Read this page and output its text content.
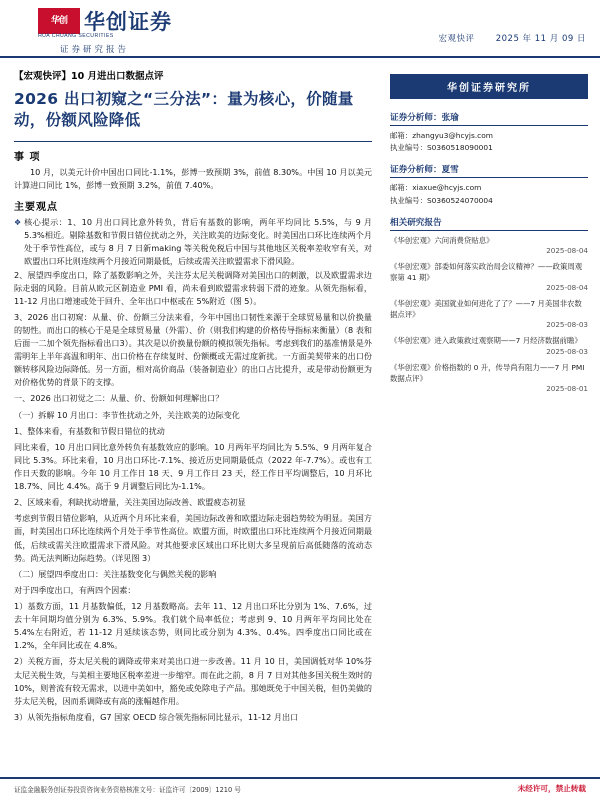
华创 华创证券
HUA CHUANG SECURITIES
证券研究报告
宏观快评 2025 年 11 月 09 日
【宏观快评】10 月进出口数据点评
2026 出口初窥之“三分法”：量为核心，价随量动，份额风险降低
事 项

10 月，以美元计价中国出口同比-1.1%，彭博一致预期 3%，前值 8.30%。中国 10 月以美元计算进口同比 1%，彭博一致预期 3.2%，前值 7.40%。

主要观点
❖ 核心提示：1、10 月出口同比意外转负，背后有基数的影响，两年平均同比 5.5%，与 9 月 5.3%相近。剔除基数和节假日错位扰动之外，关注欧美的边际变化。时美国出口环比连续两个月处于季节性高位，或与 8 月 7 日新making 等关税免税后中国与其他地区关税率差收窄有关，对欧盟出口环比则连续两个月接近同期最低，后续或需关注欧盟需求下滑风险。

2、展望四季度出口，除了基数影响之外，关注芬太尼关税调降对美国出口的刺激，以及欧盟需求边际走弱的风险。目前从欧元区制造业 PMI 看，尚未看到欧盟需求转弱下滑的迹象。从领先指标看，11-12 月出口增速或处于回升、全年出口中枢或在 5%附近（图 5）。

3、2026 出口初窥：从量、价、份额三分法来看，今年中国出口韧性来源于全球贸易量和以价换量的韧性。而出口的核心于是是全球贸易量（外需）、价（则我们构建的价格传导指标来衡量）（8 表和后面一二加个领先指标看出口3）。其次是以价换量份额的模拟领先指标。考虑到我们的基准情景是外需明年上半年高温和明年、出口价格在存续复时、份额概或无需过度新扰。一方面美契带来的出口份额转移风险边际降低。另一方面，相对高价商品（装备制造业）的出口占比提升，或是带动份额更为对价格优势的背景下的支撑。

一、2026 出口初觉之二：从量、价、份额如何理解出口？

（一）拆解 10 月出口：李节性扰动之外，关注欧美的边际变化

1、整体来看，有基数和节假日错位的扰动

同比来看，10 月出口同比意外转负有基数效应的影响。10 月两年平均同比为 5.5%、9 月两年复合同比 5.3%。环比来看，10 月出口环比-7.1%、接近历史同期最低点（2022 年-7.7%）。或也有工作日天数的影响。今年 10 月工作日 18 天、9 月工作日 23 天，经工作日平均调整后，10 月环比 18.7%、同比 4.4%。高于 9 月调整后同比为-1.1%。

2、区域来看，利缺扰动增量，关注美国边际改善、欧盟疲态初显

考虑到节假日错位影响，从近两个月环比来看，美国边际改善和欧盟边际走弱趋势较为明显。美国方面，时美国出口环比连续两个月处于季节性高位。欧盟方面，时欧盟出口环比连续两个月接近同期最低，后续或需关注欧盟需求下滑风险。对其他要求区域出口环比则大多呈现前后高低随落的流动态势。尚无法判断边际趋势。（详见图 3）

（二）展望四季度出口：关注基数变化与偶然关税的影响

对于四季度出口，有两四个因素：

1）基数方面，11 月基数偏低，12 月基数略高。去年 11、12 月出口环比分别为 1%、7.6%，过去十年同期均值分别为 6.3%、5.9%。我们就个局率低位；考虑到 9、10 月两年平均同比处在 5.4%左右附近，若 11-12 月延续该态势，则同比或分别为 4.3%、0.4%。四季度出口同比或在 1.2%，全年同比或在 4.8%。

2）关税方面，芬太尼关税的调降或带来对美出口进一步改善。11 月 10 日，美国调低对华 10%芬太尼关税生效，与美相主要地区税率差进一步缩窄。而在此之前，8 月 7 日对其他多国关税生效时的 10%，则普流有较无需求，以进中美如中，豁免或免除电子产品。那她既免于中国关税，但仍美做的芬太尼关税，因而系调降或有高的涨幅越作用。

3）从领先指标角度看，G7 国家 OECD 综合领先指标同比显示，11-12 月出口

华创证券研究所
证券分析师：张瑜
邮箱：zhangyu3@hcyjs.com
执业编号：S0360518090001
证券分析师：夏雪
邮箱：xiaxue@hcyjs.com
执业编号：S0360524070004
相关研究报告
《华创宏观》六问消费贷贴息》
2025-08-04
《华创宏观》部委如何落实政治局会议精神？——政策周观察第 41 期》
2025-08-04
《华创宏观》美国就业如何进化了了？——7 月美国非农数据点评》
2025-08-03
《华创宏观》进入政策救过观察期——7 月经济数据前瞻》
2025-08-03
《华创宏观》价格指数的 0 升，传导尚有阻力——7 月 PMI 数据点评》
2025-08-01
证监金融服务创证券投资咨询业务资格核准文号：证监许可〔2009〕1210 号	未经许可，禁止转载
